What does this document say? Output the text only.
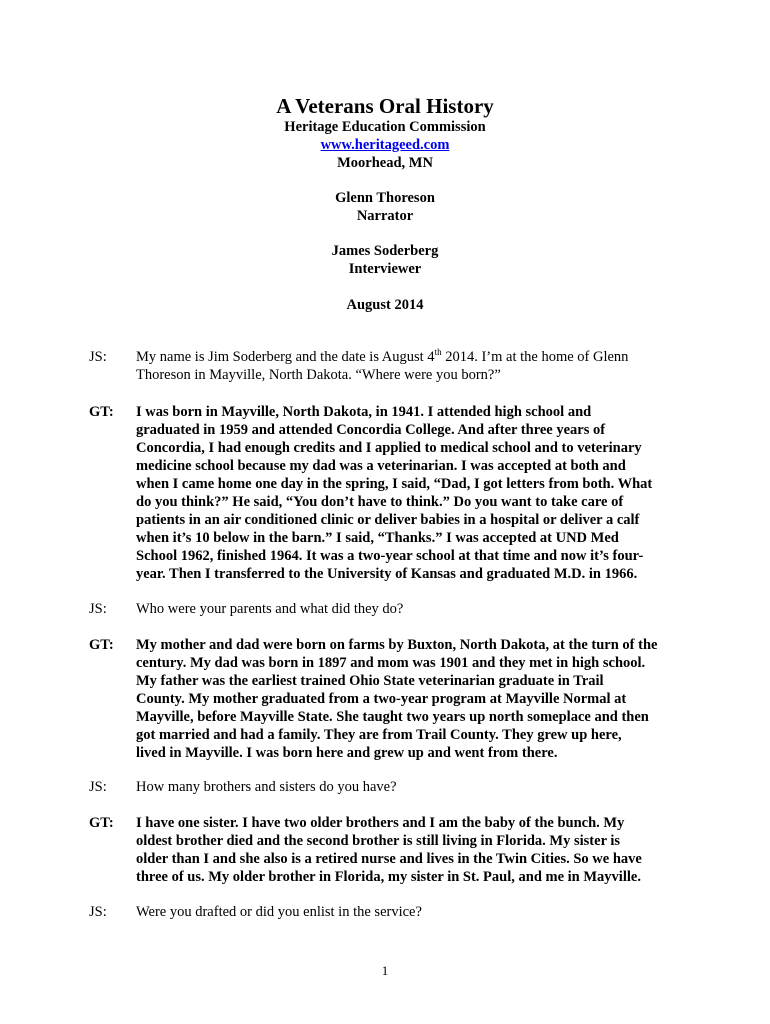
A Veterans Oral History
Heritage Education Commission
www.heritageed.com
Moorhead, MN
Glenn Thoreson
Narrator
James Soderberg
Interviewer
August 2014
JS:	My name is Jim Soderberg and the date is August 4th 2014. I’m at the home of Glenn
Thoreson in Mayville, North Dakota. “Where were you born?”
GT:	I was born in Mayville, North Dakota, in 1941. I attended high school and
graduated in 1959 and attended Concordia College. And after three years of
Concordia, I had enough credits and I applied to medical school and to veterinary
medicine school because my dad was a veterinarian. I was accepted at both and
when I came home one day in the spring, I said, “Dad, I got letters from both. What
do you think?” He said, “You don’t have to think.” Do you want to take care of
patients in an air conditioned clinic or deliver babies in a hospital or deliver a calf
when it’s 10 below in the barn.” I said, “Thanks.” I was accepted at UND Med
School 1962, finished 1964. It was a two-year school at that time and now it’s four-
year. Then I transferred to the University of Kansas and graduated M.D. in 1966.
JS:	Who were your parents and what did they do?
GT:	My mother and dad were born on farms by Buxton, North Dakota, at the turn of the
century. My dad was born in 1897 and mom was 1901 and they met in high school.
My father was the earliest trained Ohio State veterinarian graduate in Trail
County. My mother graduated from a two-year program at Mayville Normal at
Mayville, before Mayville State. She taught two years up north someplace and then
got married and had a family. They are from Trail County. They grew up here,
lived in Mayville. I was born here and grew up and went from there.
JS:	How many brothers and sisters do you have?
GT:	I have one sister. I have two older brothers and I am the baby of the bunch. My
oldest brother died and the second brother is still living in Florida. My sister is
older than I and she also is a retired nurse and lives in the Twin Cities. So we have
three of us. My older brother in Florida, my sister in St. Paul, and me in Mayville.
JS:	Were you drafted or did you enlist in the service?
1
